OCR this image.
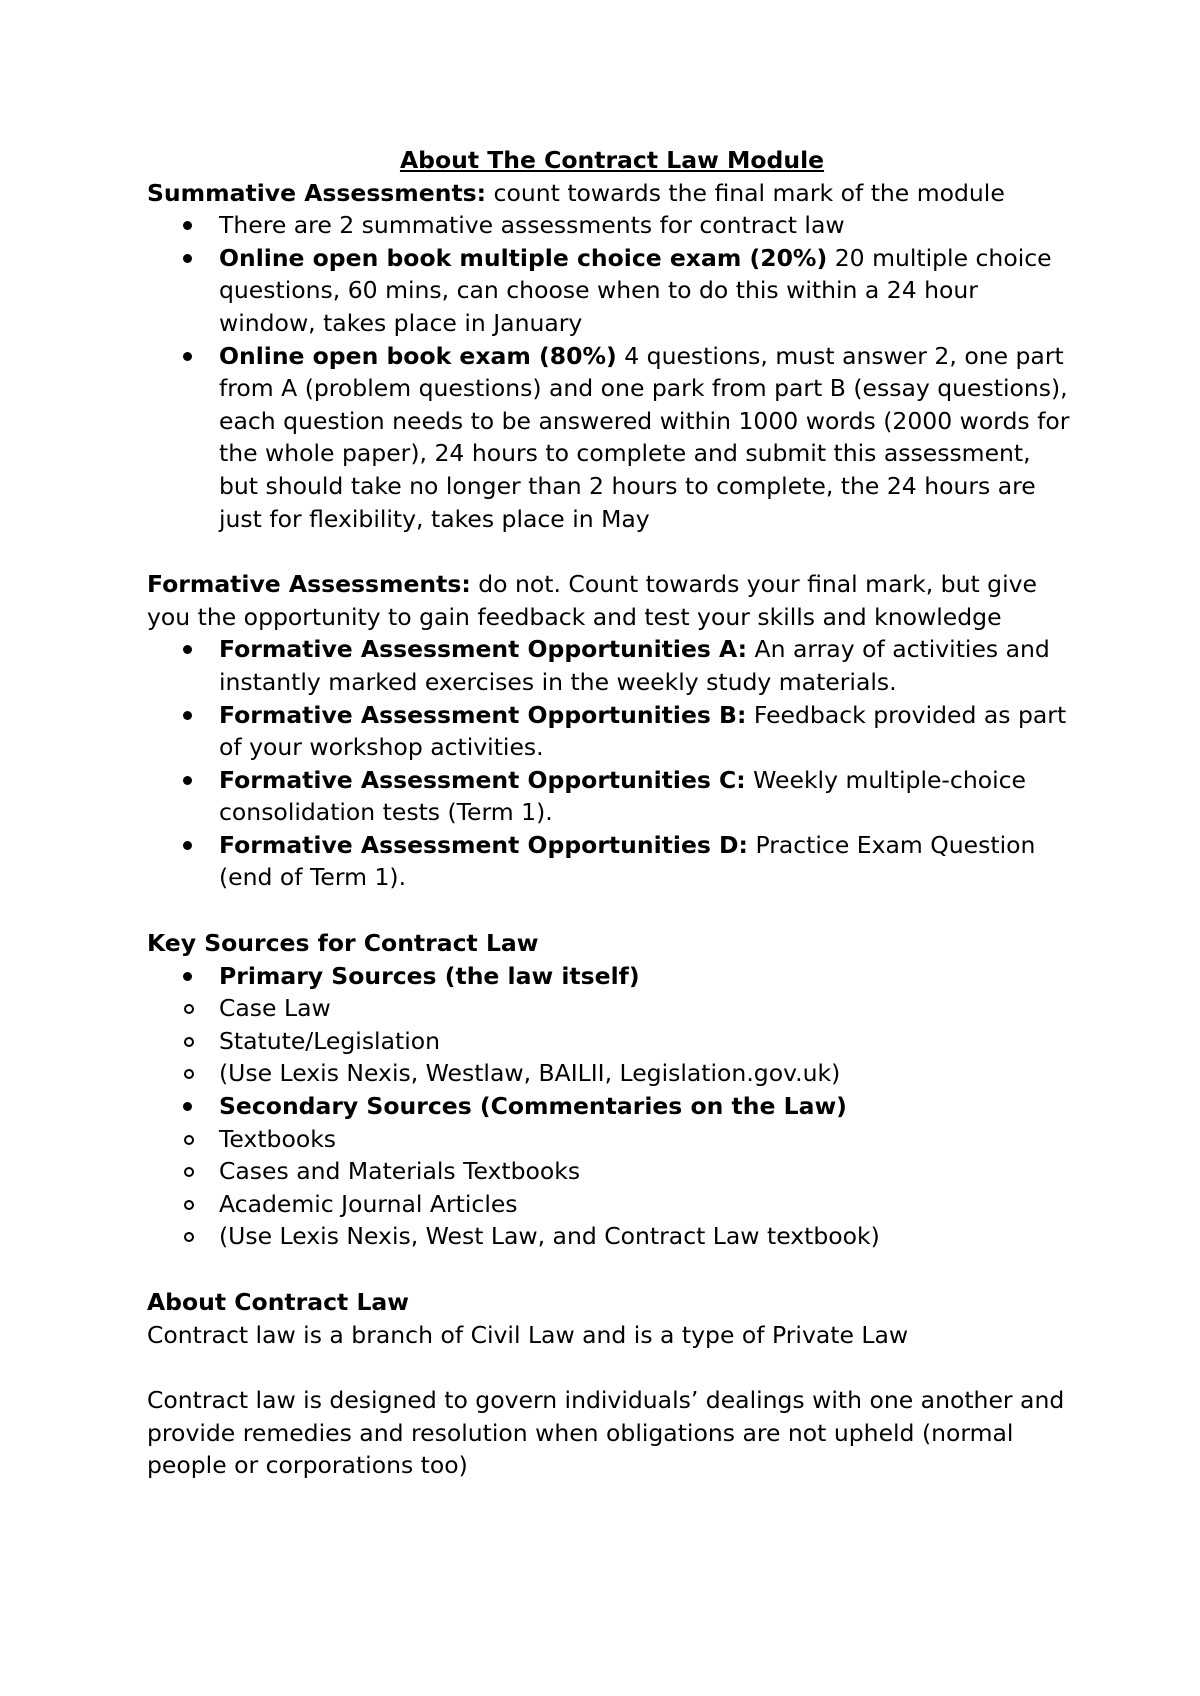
About The Contract Law Module

Summative Assessments: count towards the final mark of the module

There are 2 summative assessments for contract law
Online open book multiple choice exam (20%) 20 multiple choice questions, 60 mins, can choose when to do this within a 24 hour window, takes place in January
Online open book exam (80%) 4 questions, must answer 2, one part from A (problem questions) and one park from part B (essay questions), each question needs to be answered within 1000 words (2000 words for the whole paper), 24 hours to complete and submit this assessment, but should take no longer than 2 hours to complete, the 24 hours are just for flexibility, takes place in May

Formative Assessments: do not. Count towards your final mark, but give you the opportunity to gain feedback and test your skills and knowledge

Formative Assessment Opportunities A: An array of activities and instantly marked exercises in the weekly study materials.
Formative Assessment Opportunities B: Feedback provided as part of your workshop activities.
Formative Assessment Opportunities C: Weekly multiple-choice consolidation tests (Term 1).
Formative Assessment Opportunities D: Practice Exam Question (end of Term 1).

Key Sources for Contract Law

Primary Sources (the law itself)
Case Law
Statute/Legislation
(Use Lexis Nexis, Westlaw, BAILII, Legislation.gov.uk)
Secondary Sources (Commentaries on the Law)
Textbooks
Cases and Materials Textbooks
Academic Journal Articles
(Use Lexis Nexis, West Law, and Contract Law textbook)

About Contract Law

Contract law is a branch of Civil Law and is a type of Private Law

Contract law is designed to govern individuals’ dealings with one another and provide remedies and resolution when obligations are not upheld (normal people or corporations too)
